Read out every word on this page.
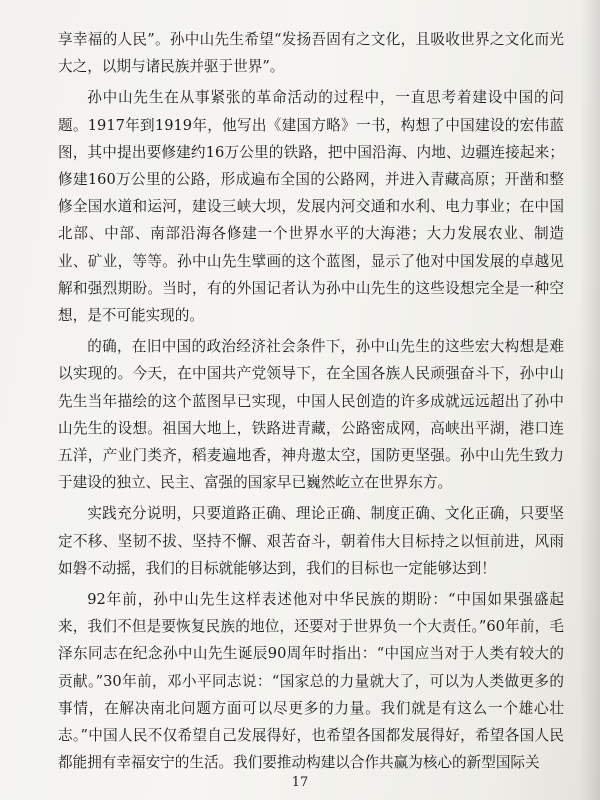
享幸福的人民”。孙中山先生希望“发扬吾固有之文化，且吸收世界之文化而光大之，以期与诸民族并驱于世界”。

孙中山先生在从事紧张的革命活动的过程中，一直思考着建设中国的问题。1917年到1919年，他写出《建国方略》一书，构想了中国建设的宏伟蓝图，其中提出要修建约16万公里的铁路，把中国沿海、内地、边疆连接起来；修建160万公里的公路，形成遍布全国的公路网，并进入青藏高原；开凿和整修全国水道和运河，建设三峡大坝，发展内河交通和水利、电力事业；在中国北部、中部、南部沿海各修建一个世界水平的大海港；大力发展农业、制造业、矿业，等等。孙中山先生擘画的这个蓝图，显示了他对中国发展的卓越见解和强烈期盼。当时，有的外国记者认为孙中山先生的这些设想完全是一种空想，是不可能实现的。

的确，在旧中国的政治经济社会条件下，孙中山先生的这些宏大构想是难以实现的。今天，在中国共产党领导下，在全国各族人民顽强奋斗下，孙中山先生当年描绘的这个蓝图早已实现，中国人民创造的许多成就远远超出了孙中山先生的设想。祖国大地上，铁路进青藏，公路密成网，高峡出平湖，港口连五洋，产业门类齐，稻麦遍地香，神舟遨太空，国防更坚强。孙中山先生致力于建设的独立、民主、富强的国家早已巍然屹立在世界东方。

实践充分说明，只要道路正确、理论正确、制度正确、文化正确，只要坚定不移、坚韧不拔、坚持不懈、艰苦奋斗，朝着伟大目标持之以恒前进，风雨如磐不动摇，我们的目标就能够达到，我们的目标也一定能够达到！

92年前，孙中山先生这样表述他对中华民族的期盼：“中国如果强盛起来，我们不但是要恢复民族的地位，还要对于世界负一个大责任。”60年前，毛泽东同志在纪念孙中山先生诞辰90周年时指出：“中国应当对于人类有较大的贡献。”30年前，邓小平同志说：“国家总的力量就大了，可以为人类做更多的事情，在解决南北问题方面可以尽更多的力量。我们就是有这么一个雄心壮志。”中国人民不仅希望自己发展得好，也希望各国都发展得好，希望各国人民都能拥有幸福安宁的生活。我们要推动构建以合作共赢为核心的新型国际关

17
